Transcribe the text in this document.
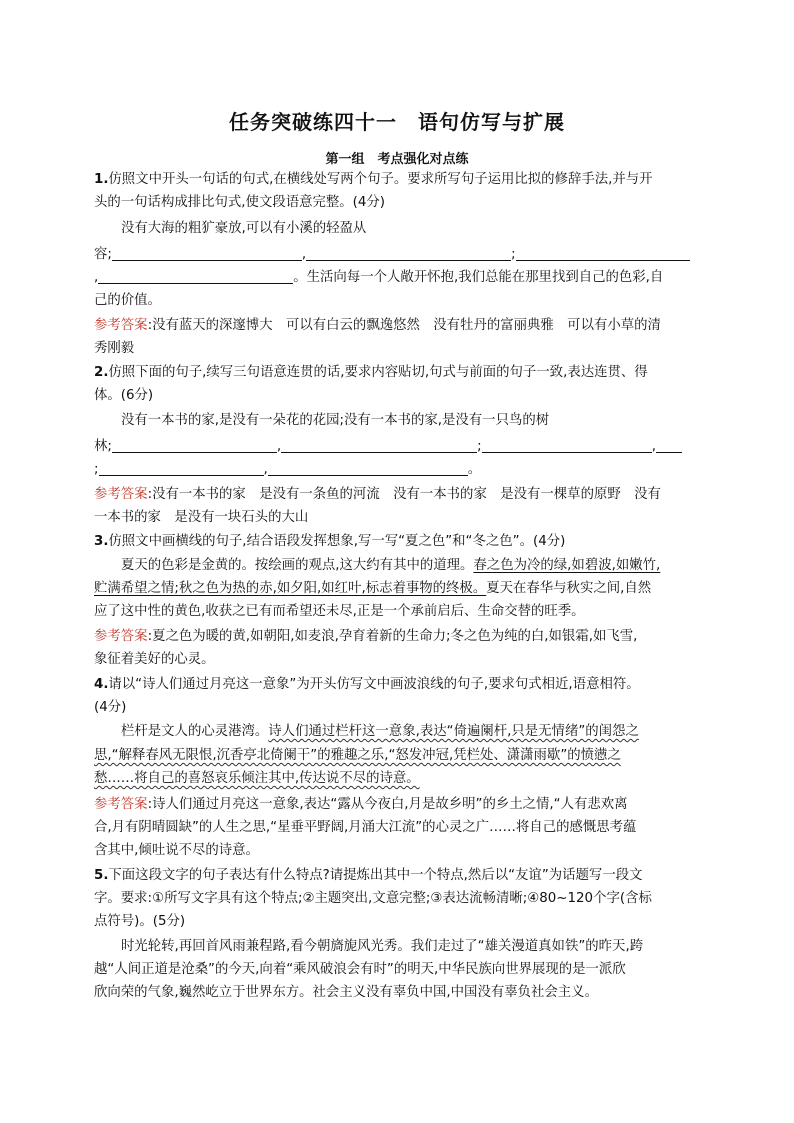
任务突破练四十一　语句仿写与扩展
第一组　考点强化对点练
1.仿照文中开头一句话的句式,在横线处写两个句子。要求所写句子运用比拟的修辞手法,并与开
头的一句话构成排比句式,使文段语意完整。(4分)
没有大海的粗犷豪放,可以有小溪的轻盈从
容;	,	;
,	。生活向每一个人敞开怀抱,我们总能在那里找到自己的色彩,自
己的价值。
参考答案:没有蓝天的深邃博大　可以有白云的飘逸悠然　没有牡丹的富丽典雅　可以有小草的清
秀刚毅
2.仿照下面的句子,续写三句语意连贯的话,要求内容贴切,句式与前面的句子一致,表达连贯、得
体。(6分)
没有一本书的家,是没有一朵花的花园;没有一本书的家,是没有一只鸟的树
林;	,	;	,
;	,	。
参考答案:没有一本书的家　是没有一条鱼的河流　没有一本书的家　是没有一棵草的原野　没有
一本书的家　是没有一块石头的大山
3.仿照文中画横线的句子,结合语段发挥想象,写一写“夏之色”和“冬之色”。(4分)
夏天的色彩是金黄的。按绘画的观点,这大约有其中的道理。春之色为冷的绿,如碧波,如嫩竹,
贮满希望之情;秋之色为热的赤,如夕阳,如红叶,标志着事物的终极。夏天在春华与秋实之间,自然
应了这中性的黄色,收获之已有而希望还未尽,正是一个承前启后、生命交替的旺季。
参考答案:夏之色为暖的黄,如朝阳,如麦浪,孕育着新的生命力;冬之色为纯的白,如银霜,如飞雪,
象征着美好的心灵。
4.请以“诗人们通过月亮这一意象”为开头仿写文中画波浪线的句子,要求句式相近,语意相符。
(4分)
栏杆是文人的心灵港湾。诗人们通过栏杆这一意象,表达“倚遍阑杆,只是无情绪”的闺怨之
思,“解释春风无限恨,沉香亭北倚阑干”的雅趣之乐,“怒发冲冠,凭栏处、潇潇雨歇”的愤懑之
愁……将自己的喜怒哀乐倾注其中,传达说不尽的诗意。
参考答案:诗人们通过月亮这一意象,表达“露从今夜白,月是故乡明”的乡土之情,“人有悲欢离
合,月有阴晴圆缺”的人生之思,“星垂平野阔,月涌大江流”的心灵之广……将自己的感慨思考蕴
含其中,倾吐说不尽的诗意。
5.下面这段文字的句子表达有什么特点?请提炼出其中一个特点,然后以“友谊”为话题写一段文
字。要求:①所写文字具有这个特点;②主题突出,文意完整;③表达流畅清晰;④80~120个字(含标
点符号)。(5分)
时光轮转,再回首风雨兼程路,看今朝旖旎风光秀。我们走过了“雄关漫道真如铁”的昨天,跨
越“人间正道是沧桑”的今天,向着“乘风破浪会有时”的明天,中华民族向世界展现的是一派欣
欣向荣的气象,巍然屹立于世界东方。社会主义没有辜负中国,中国没有辜负社会主义。
